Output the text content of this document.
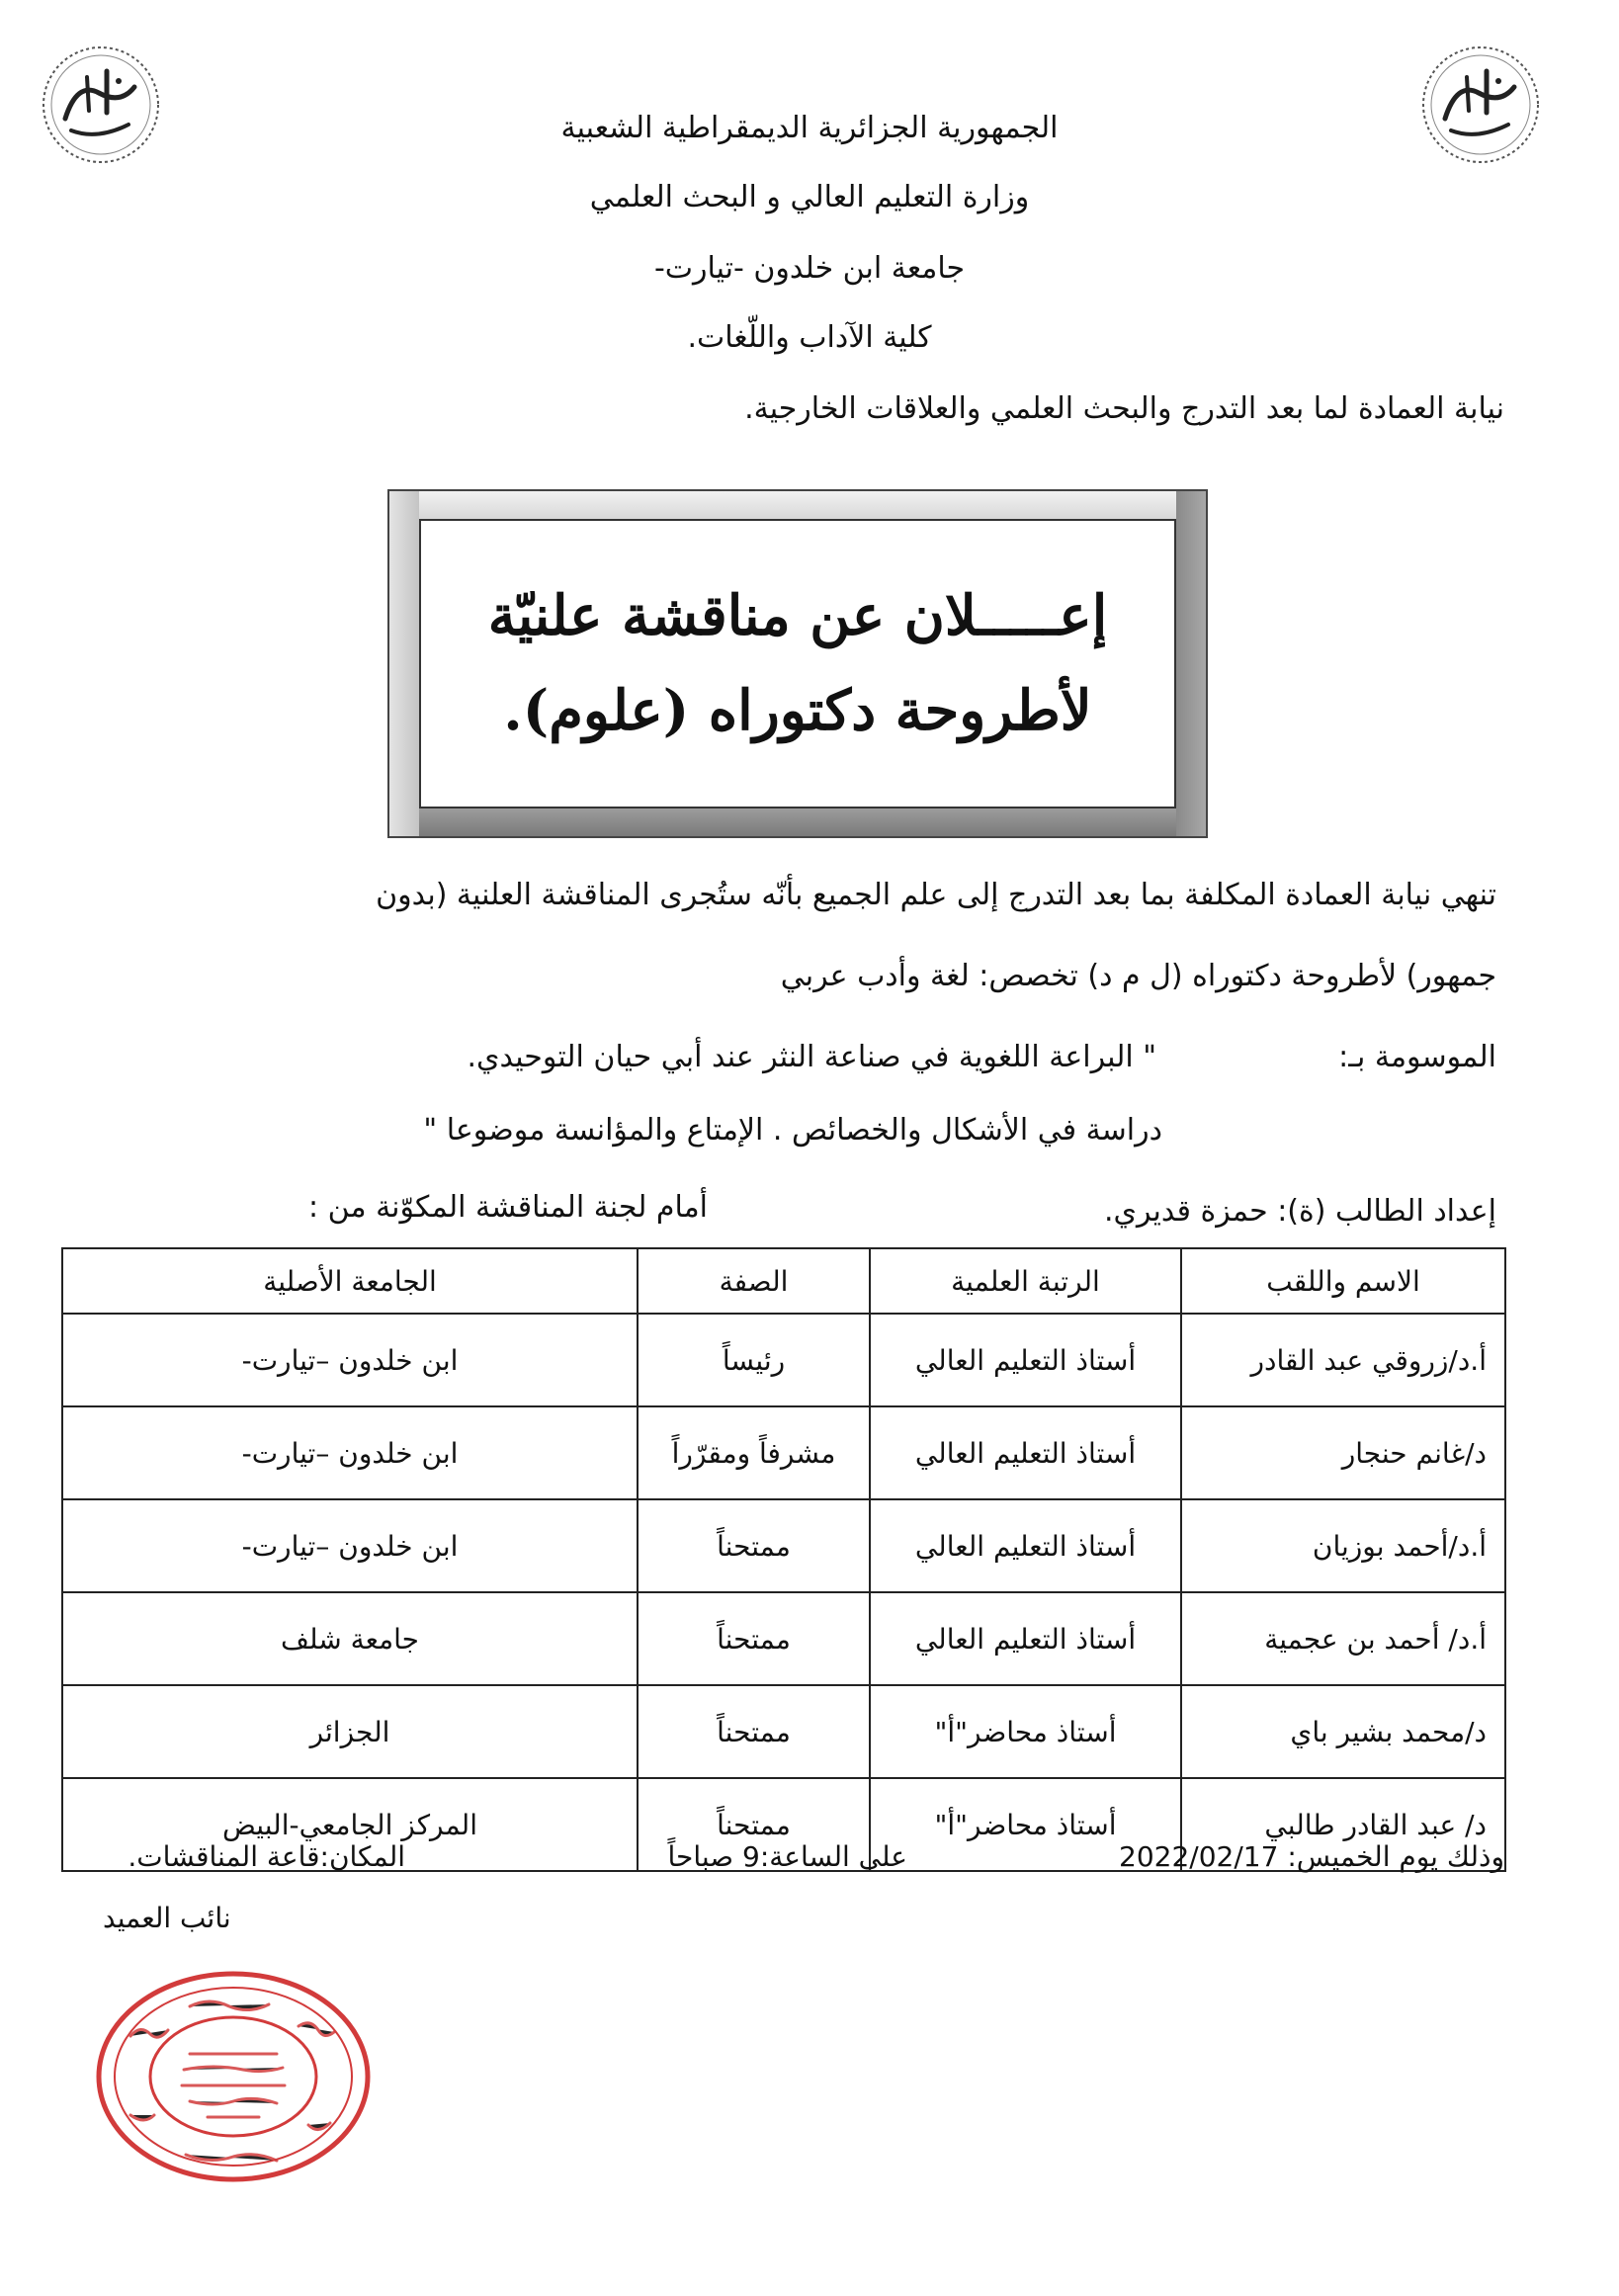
الجمهورية الجزائرية الديمقراطية الشعبية
وزارة التعليم العالي و البحث العلمي
جامعة ابن خلدون -تيارت-
كلية الآداب واللّغات.
نيابة العمادة لما بعد التدرج والبحث العلمي والعلاقات الخارجية.
إعـــــلان عن مناقشة علنيّة
لأطروحة دكتوراه (علوم).
تنهي نيابة العمادة المكلفة بما بعد التدرج إلى علم الجميع بأنّه ستُجرى المناقشة العلنية (بدون
جمهور) لأطروحة دكتوراه (ل م د) تخصص: لغة وأدب عربي
الموسومة بـ:
" البراعة اللغوية في صناعة النثر عند أبي حيان التوحيدي.
دراسة في الأشكال والخصائص . الإمتاع والمؤانسة موضوعا "
إعداد الطالب (ة): حمزة قديري.
أمام لجنة المناقشة المكوّنة من :
الاسم واللقب	الرتبة العلمية	الصفة	الجامعة الأصلية
أ.د/زروقي عبد القادر	أستاذ التعليم العالي	رئيساً	ابن خلدون –تيارت-
د/غانم حنجار	أستاذ التعليم العالي	مشرفاً ومقرّراً	ابن خلدون –تيارت-
أ.د/أحمد بوزيان	أستاذ التعليم العالي	ممتحناً	ابن خلدون –تيارت-
أ.د/ أحمد بن عجمية	أستاذ التعليم العالي	ممتحناً	جامعة شلف
د/محمد بشير باي	أستاذ محاضر"أ"	ممتحناً	الجزائر
د/ عبد القادر طالبي	أستاذ محاضر"أ"	ممتحناً	المركز الجامعي-البيض
وذلك يوم الخميس: 2022/02/17
على الساعة:9 صباحاً
المكان:قاعة المناقشات.
نائب العميد
